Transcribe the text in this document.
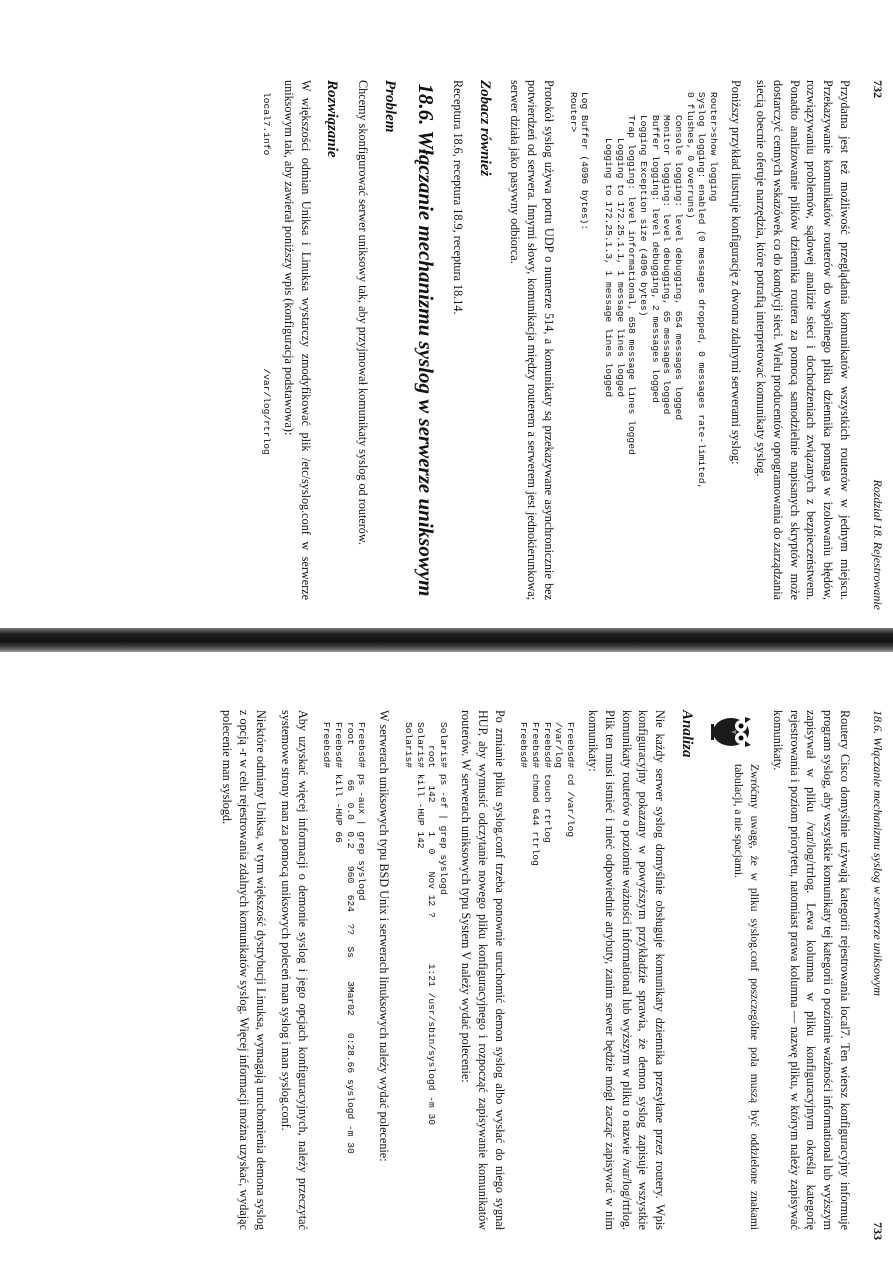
732
Rozdział 18. Rejestrowanie

Przydatna jest też możliwość przeglądania komunikatów wszystkich routerów w jednym miejscu. Przekazywanie komunikatów routerów do wspólnego pliku dziennika pomaga w izolowaniu błędów, rozwiązywaniu problemów, sądowej analizie sieci i dochodzeniach związanych z bezpieczeństwem. Ponadto analizowanie plików dziennika routera za pomocą samodzielnie napisanych skryptów może dostarczyć cennych wskazówek co do kondycji sieci. Wielu producentów oprogramowania do zarządzania siecią obecnie oferuje narzędzia, które potrafią interpretować komunikaty syslog.

Poniższy przykład ilustruje konfigurację z dwoma zdalnymi serwerami syslog:

Router>show logging
Syslog logging: enabled (0 messages dropped, 0 messages rate-limited,
0 flushes, 0 overruns)
Console logging: level debugging, 654 messages logged
Monitor logging: level debugging, 65 messages logged
Buffer logging: level debugging, 2 messages logged
Logging Exception size (4096 bytes)
Trap logging: level informational, 658 message lines logged
Logging to 172.25.1.1, 1 message lines logged
Logging to 172.25.1.3, 1 message lines logged

Log Buffer (4096 bytes):
Router>

Protokół syslog używa portu UDP o numerze 514, a komunikaty są przekazywane asynchronicznie bez potwierdzeń od serwera. Innymi słowy, komunikacja między routerem a serwerem jest jednokierunkowa; serwer działa jako pasywny odbiorca.

Zobacz również

Receptura 18.6, receptura 18.9, receptura 18.14.

18.6. Włączanie mechanizmu syslog w serwerze uniksowym
Problem

Chcemy skonfigurować serwer uniksowy tak, aby przyjmował komunikaty syslog od routerów.

Rozwiązanie

W większości odmian Uniksa i Linuksa wystarczy zmodyfikować plik /etc/syslog.conf w serwerze uniksowym tak, aby zawierał poniższy wpis (konfiguracja podstawowa):

local7.info                                     /var/log/rtrlog
18.6. Włączanie mechanizmu syslog w serwerze uniksowym
733

Routery Cisco domyślnie używają kategorii rejestrowania local7. Ten wiersz konfiguracyjny informuje program syslog, aby wszystkie komunikaty tej kategorii o poziomie ważności informational lub wyższym zapisywał w pliku /var/log/rtrlog. Lewa kolumna w pliku konfiguracyjnym określa kategorię rejestrowania i poziom priorytetu, natomiast prawa kolumna — nazwę pliku, w którym należy zapisywać komunikaty.

Zwróćmy uwagę, że w pliku syslog.conf poszczególne pola muszą być oddzielone znakami tabulacji, a nie spacjami.

Analiza

Nie każdy serwer syslog domyślnie obsługuje komunikaty dziennika przesyłane przez routery. Wpis konfiguracyjny pokazany w powyższym przykładzie sprawia, że demon syslog zapisuje wszystkie komunikaty routerów o poziomie ważności informational lub wyższym w pliku o nazwie /var/log/rtrlog. Plik ten musi istnieć i mieć odpowiednie atrybuty, zanim serwer będzie mógł zacząć zapisywać w nim komunikaty:

Freebsd# cd /var/log
/var/log
Freebsd# touch rtrlog
Freebsd# chmod 644 rtrlog
Freebsd#

Po zmianie pliku syslog.conf trzeba ponownie uruchomić demon syslog albo wysłać do niego sygnał HUP, aby wymusić odczytanie nowego pliku konfiguracyjnego i rozpocząć zapisywanie komunikatów routerów. W serwerach uniksowych typu System V należy wydać polecenie:

Solaris# ps -ef | grep syslogd
root   142     1  0   Nov 12 ?        1:21 /usr/sbin/syslogd -m 30
Solaris# kill -HUP 142
Solaris#

W serwerach uniksowych typu BSD Unix i serwerach linuksowych należy wydać polecenie:

Freebsd# ps -aux | grep syslogd
root      66  0.0  0.2   960  624  ??  Ss    3Mar02   0:28.66 syslogd -m 30
Freebsd# kill -HUP 66
Freebsd#

Aby uzyskać więcej informacji o demonie syslog i jego opcjach konfiguracyjnych, należy przeczytać systemowe strony man za pomocą uniksowych poleceń man syslog i man syslog.conf.

Niektóre odmiany Uniksa, w tym większość dystrybucji Linuksa, wymagają uruchomienia demona syslog z opcją -r w celu rejestrowania zdalnych komunikatów syslog. Więcej informacji można uzyskać, wydając polecenie man syslogd.
